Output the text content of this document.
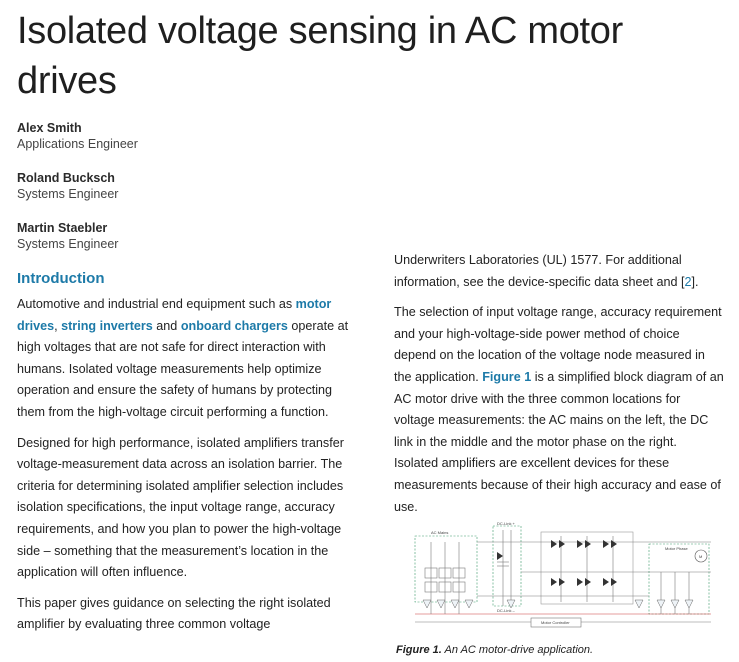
Isolated voltage sensing in AC motor drives
Alex Smith
Applications Engineer
Roland Bucksch
Systems Engineer
Martin Staebler
Systems Engineer
Introduction

Automotive and industrial end equipment such as motor drives, string inverters and onboard chargers operate at high voltages that are not safe for direct interaction with humans. Isolated voltage measurements help optimize operation and ensure the safety of humans by protecting them from the high-voltage circuit performing a function.

Designed for high performance, isolated amplifiers transfer voltage-measurement data across an isolation barrier. The criteria for determining isolated amplifier selection includes isolation specifications, the input voltage range, accuracy requirements, and how you plan to power the high-voltage side – something that the measurement’s location in the application will often influence.

This paper gives guidance on selecting the right isolated amplifier by evaluating three common voltage

Underwriters Laboratories (UL) 1577. For additional information, see the device-specific data sheet and [2].

The selection of input voltage range, accuracy requirement and your high-voltage-side power method of choice depend on the location of the voltage node measured in the application. Figure 1 is a simplified block diagram of an AC motor drive with the three common locations for voltage measurements: the AC mains on the left, the DC link in the middle and the motor phase on the right. Isolated amplifiers are excellent devices for these measurements because of their high accuracy and ease of use.

AC Mains
DC-Link +
DC-Link –
Motor Phase
M
Motor Controller
Figure 1. An AC motor-drive application.
